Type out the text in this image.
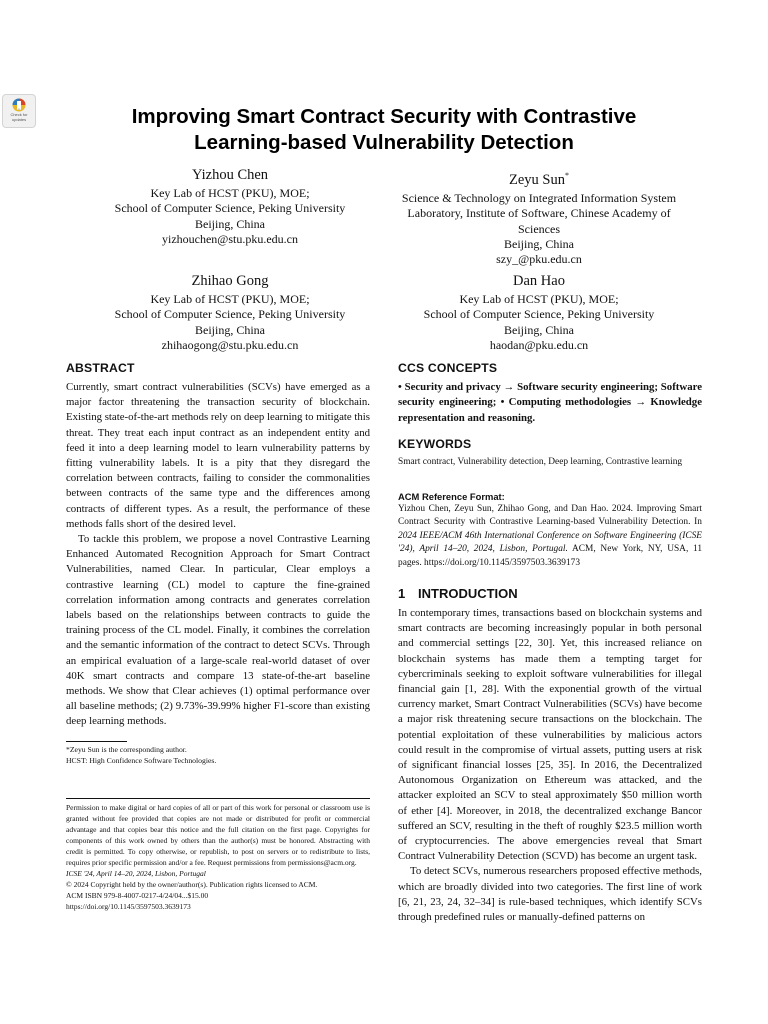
Check for updates	Improving Smart Contract Security with Contrastive
Learning-based Vulnerability Detection
Yizhou Chen
Key Lab of HCST (PKU), MOE;
School of Computer Science, Peking University
Beijing, China
yizhouchen@stu.pku.edu.cn
Zeyu Sun*
Science & Technology on Integrated Information System
Laboratory, Institute of Software, Chinese Academy of
Sciences
Beijing, China
szy_@pku.edu.cn
Zhihao Gong
Key Lab of HCST (PKU), MOE;
School of Computer Science, Peking University
Beijing, China
zhihaogong@stu.pku.edu.cn
Dan Hao
Key Lab of HCST (PKU), MOE;
School of Computer Science, Peking University
Beijing, China
haodan@pku.edu.cn
ABSTRACT

Currently, smart contract vulnerabilities (SCVs) have emerged as a major factor threatening the transaction security of blockchain. Existing state-of-the-art methods rely on deep learning to mitigate this threat. They treat each input contract as an independent entity and feed it into a deep learning model to learn vulnerability patterns by fitting vulnerability labels. It is a pity that they disregard the correlation between contracts, failing to consider the commonalities between contracts of the same type and the differences among contracts of different types. As a result, the performance of these methods falls short of the desired level.

To tackle this problem, we propose a novel Contrastive Learning Enhanced Automated Recognition Approach for Smart Contract Vulnerabilities, named Clear. In particular, Clear employs a contrastive learning (CL) model to capture the fine-grained correlation information among contracts and generates correlation labels based on the relationships between contracts to guide the training process of the CL model. Finally, it combines the correlation and the semantic information of the contract to detect SCVs. Through an empirical evaluation of a large-scale real-world dataset of over 40K smart contracts and compare 13 state-of-the-art baseline methods. We show that Clear achieves (1) optimal performance over all baseline methods; (2) 9.73%-39.99% higher F1-score than existing deep learning methods.

*Zeyu Sun is the corresponding author.

HCST: High Confidence Software Technologies.

Permission to make digital or hard copies of all or part of this work for personal or classroom use is granted without fee provided that copies are not made or distributed for profit or commercial advantage and that copies bear this notice and the full citation on the first page. Copyrights for components of this work owned by others than the author(s) must be honored. Abstracting with credit is permitted. To copy otherwise, or republish, to post on servers or to redistribute to lists, requires prior specific permission and/or a fee. Request permissions from permissions@acm.org.

ICSE '24, April 14–20, 2024, Lisbon, Portugal

© 2024 Copyright held by the owner/author(s). Publication rights licensed to ACM.

ACM ISBN 979-8-4007-0217-4/24/04...$15.00

https://doi.org/10.1145/3597503.3639173

CCS CONCEPTS

• Security and privacy → Software security engineering; Software security engineering; • Computing methodologies → Knowledge representation and reasoning.

KEYWORDS

Smart contract, Vulnerability detection, Deep learning, Contrastive learning

ACM Reference Format:

Yizhou Chen, Zeyu Sun, Zhihao Gong, and Dan Hao. 2024. Improving Smart Contract Security with Contrastive Learning-based Vulnerability Detection. In 2024 IEEE/ACM 46th International Conference on Software Engineering (ICSE '24), April 14–20, 2024, Lisbon, Portugal. ACM, New York, NY, USA, 11 pages. https://doi.org/10.1145/3597503.3639173

1 INTRODUCTION

In contemporary times, transactions based on blockchain systems and smart contracts are becoming increasingly popular in both personal and commercial settings [22, 30]. Yet, this increased reliance on blockchain systems has made them a tempting target for cybercriminals seeking to exploit software vulnerabilities for illegal financial gain [1, 28]. With the exponential growth of the virtual currency market, Smart Contract Vulnerabilities (SCVs) have become a major risk threatening secure transactions on the blockchain. The potential exploitation of these vulnerabilities by malicious actors could result in the compromise of virtual assets, putting users at risk of significant financial losses [25, 35]. In 2016, the Decentralized Autonomous Organization on Ethereum was attacked, and the attacker exploited an SCV to steal approximately $50 million worth of ether [4]. Moreover, in 2018, the decentralized exchange Bancor suffered an SCV, resulting in the theft of roughly $23.5 million worth of cryptocurrencies. The above emergencies reveal that Smart Contract Vulnerability Detection (SCVD) has become an urgent task.

To detect SCVs, numerous researchers proposed effective methods, which are broadly divided into two categories. The first line of work [6, 21, 23, 24, 32–34] is rule-based techniques, which identify SCVs through predefined rules or manually-defined patterns on
